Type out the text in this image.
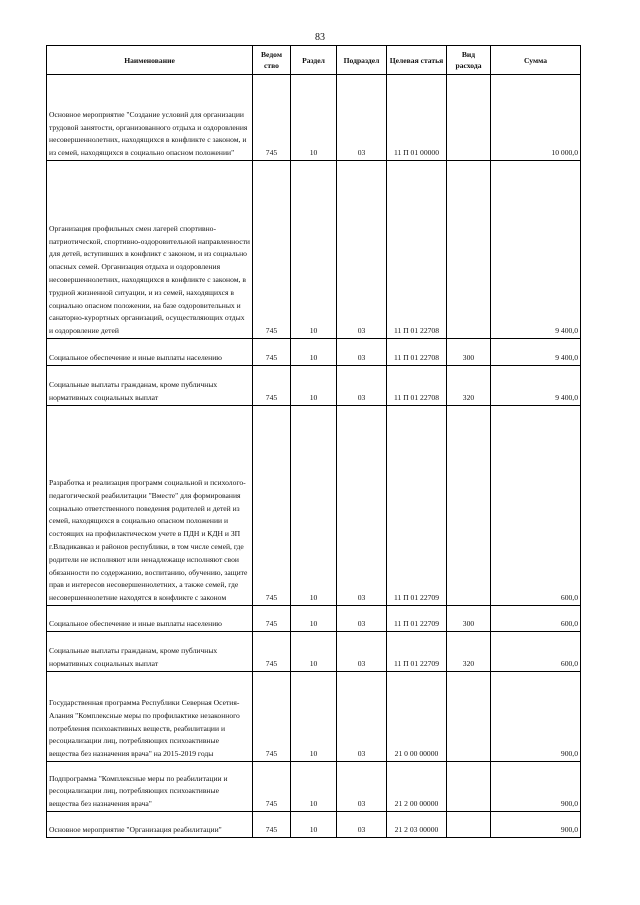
83
Наименование	Ведом ство	Раздел	Подраздел	Целевая статья	Вид расхода	Сумма
Основное мероприятие "Создание условий для организации трудовой занятости, организованного отдыха и оздоровления несовершеннолетних, находящихся в конфликте с законом, и из семей, находящихся в социально опасном положении"	745	10	03	11 П 01 00000		10 000,0
Организация профильных смен лагерей спортивно-патриотической, спортивно-оздоровительной направленности для детей, вступивших в конфликт с законом, и из социально опасных семей. Организация отдыха и оздоровления несовершеннолетних, находящихся в конфликте с законом, в трудной жизненной ситуации, и из семей, находящихся в социально опасном положении, на базе оздоровительных и санаторно-курортных организаций, осуществляющих отдых и оздоровление детей	745	10	03	11 П 01 22708		9 400,0
Социальное обеспечение и иные выплаты населению	745	10	03	11 П 01 22708	300	9 400,0
Социальные выплаты гражданам, кроме публичных нормативных социальных выплат	745	10	03	11 П 01 22708	320	9 400,0
Разработка и реализация программ социальной и психолого-педагогической реабилитации "Вместе" для формирования социально ответственного поведения родителей и детей из семей, находящихся в социально опасном положении и состоящих на профилактическом учете в ПДН и КДН и ЗП г.Владикавказ и районов республики, в том числе семей, где родители не исполняют или ненадлежаще исполняют свои обязанности по содержанию, воспитанию, обучению, защите прав и интересов несовершеннолетних, а также семей, где несовершеннолетние находятся в конфликте с законом	745	10	03	11 П 01 22709		600,0
Социальное обеспечение и иные выплаты населению	745	10	03	11 П 01 22709	300	600,0
Социальные выплаты гражданам, кроме публичных нормативных социальных выплат	745	10	03	11 П 01 22709	320	600,0
Государственная программа Республики Северная Осетия-Алания "Комплексные меры по профилактике незаконного потребления психоактивных веществ, реабилитации и ресоциализации лиц, потребляющих психоактивные вещества без назначения врача" на 2015-2019 годы	745	10	03	21 0 00 00000		900,0
Подпрограмма "Комплексные меры по реабилитации и ресоциализации лиц, потребляющих психоактивные вещества без назначения врача"	745	10	03	21 2 00 00000		900,0
Основное мероприятие "Организация реабилитации"	745	10	03	21 2 03 00000		900,0
